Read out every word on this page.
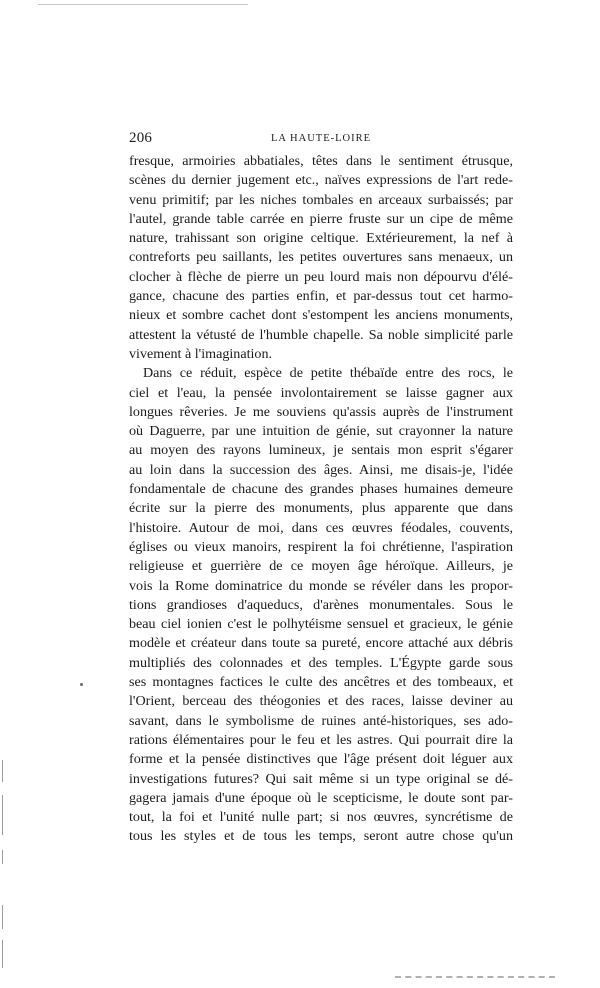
206	LA HAUTE-LOIRE
fresque, armoiries abbatiales, têtes dans le sentiment étrusque,
scènes du dernier jugement etc., naïves expressions de l'art rede-
venu primitif; par les niches tombales en arceaux surbaissés; par
l'autel, grande table carrée en pierre fruste sur un cipe de même
nature, trahissant son origine celtique. Extérieurement, la nef à
contreforts peu saillants, les petites ouvertures sans menaeux, un
clocher à flèche de pierre un peu lourd mais non dépourvu d'élé-
gance, chacune des parties enfin, et par-dessus tout cet harmo-
nieux et sombre cachet dont s'estompent les anciens monuments,
attestent la vétusté de l'humble chapelle. Sa noble simplicité parle
vivement à l'imagination.
Dans ce réduit, espèce de petite thébaïde entre des rocs, le
ciel et l'eau, la pensée involontairement se laisse gagner aux
longues rêveries. Je me souviens qu'assis auprès de l'instrument
où Daguerre, par une intuition de génie, sut crayonner la nature
au moyen des rayons lumineux, je sentais mon esprit s'égarer
au loin dans la succession des âges. Ainsi, me disais-je, l'idée
fondamentale de chacune des grandes phases humaines demeure
écrite sur la pierre des monuments, plus apparente que dans
l'histoire. Autour de moi, dans ces œuvres féodales, couvents,
églises ou vieux manoirs, respirent la foi chrétienne, l'aspiration
religieuse et guerrière de ce moyen âge héroïque. Ailleurs, je
vois la Rome dominatrice du monde se révéler dans les propor-
tions grandioses d'aqueducs, d'arènes monumentales. Sous le
beau ciel ionien c'est le polhytéisme sensuel et gracieux, le génie
modèle et créateur dans toute sa pureté, encore attaché aux débris
multipliés des colonnades et des temples. L'Égypte garde sous
ses montagnes factices le culte des ancêtres et des tombeaux, et
l'Orient, berceau des théogonies et des races, laisse deviner au
savant, dans le symbolisme de ruines anté-historiques, ses ado-
rations élémentaires pour le feu et les astres. Qui pourrait dire la
forme et la pensée distinctives que l'âge présent doit léguer aux
investigations futures? Qui sait même si un type original se dé-
gagera jamais d'une époque où le scepticisme, le doute sont par-
tout, la foi et l'unité nulle part; si nos œuvres, syncrétisme de
tous les styles et de tous les temps, seront autre chose qu'un
